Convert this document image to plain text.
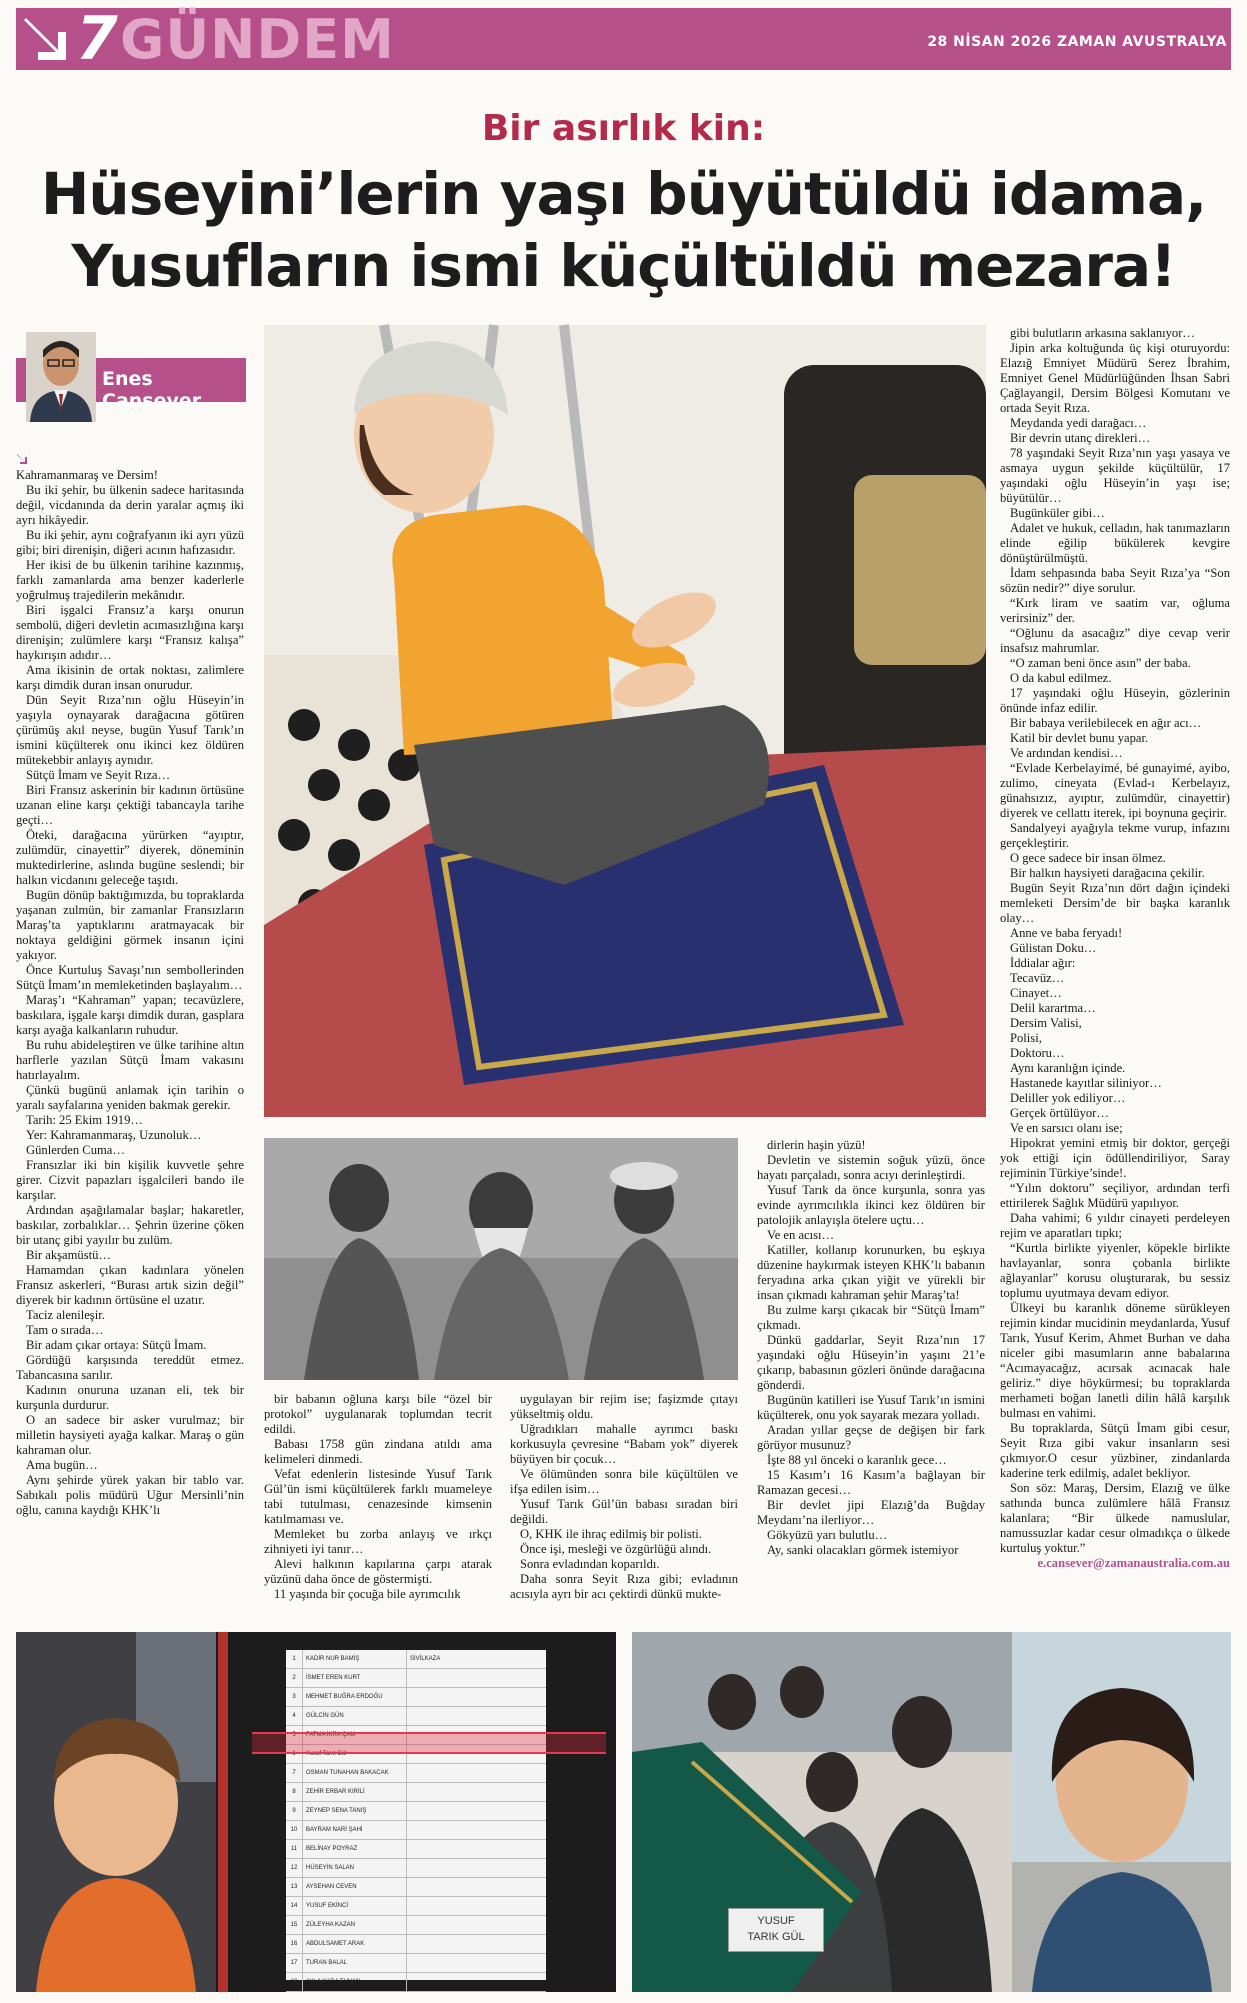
7 GÜNDEM	28 NİSAN 2026 ZAMAN AVUSTRALYA
Bir asırlık kin:
Hüseyini’lerin yaşı büyütüldü idama,
Yusufların ismi küçültüldü mezara!
Enes Cansever

Kahramanmaraş ve Dersim!

Bu iki şehir, bu ülkenin sadece haritasında değil, vicdanında da derin yaralar açmış iki ayrı hikâyedir.

Bu iki şehir, aynı coğrafyanın iki ayrı yüzü gibi; biri direnişin, diğeri acının hafızasıdır.

Her ikisi de bu ülkenin tarihine kazınmış, farklı zamanlarda ama benzer kaderlerle yoğrulmuş trajedilerin mekânıdır.

Biri işgalci Fransız’a karşı onurun sembolü, diğeri devletin acımasızlığına karşı direnişin; zulümlere karşı “Fransız kalışa” haykırışın adıdır…

Ama ikisinin de ortak noktası, zalimlere karşı dimdik duran insan onurudur.

Dün Seyit Rıza’nın oğlu Hüseyin’in yaşıyla oynayarak darağacına götüren çürümüş akıl neyse, bugün Yusuf Tarık’ın ismini küçülterek onu ikinci kez öldüren mütekebbir anlayış aynıdır.

Sütçü İmam ve Seyit Rıza…

Biri Fransız askerinin bir kadının örtüsüne uzanan eline karşı çektiği tabancayla tarihe geçti…

Öteki, darağacına yürürken “ayıptır, zulümdür, cinayettir” diyerek, döneminin muktedirlerine, aslında bugüne seslendi; bir halkın vicdanını geleceğe taşıdı.

Bugün dönüp baktığımızda, bu topraklarda yaşanan zulmün, bir zamanlar Fransızların Maraş’ta yaptıklarını aratmayacak bir noktaya geldiğini görmek insanın içini yakıyor.

Önce Kurtuluş Savaşı’nın sembollerinden Sütçü İmam’ın memleketinden başlayalım…

Maraş’ı “Kahraman” yapan; tecavüzlere, baskılara, işgale karşı dimdik duran, gasplara karşı ayağa kalkanların ruhudur.

Bu ruhu abideleştiren ve ülke tarihine altın harflerle yazılan Sütçü İmam vakasını hatırlayalım.

Çünkü bugünü anlamak için tarihin o yaralı sayfalarına yeniden bakmak gerekir.

Tarih: 25 Ekim 1919…

Yer: Kahramanmaraş, Uzunoluk…

Günlerden Cuma…

Fransızlar iki bin kişilik kuvvetle şehre girer. Cizvit papazları işgalcileri bando ile karşılar.

Ardından aşağılamalar başlar; hakaretler, baskılar, zorbalıklar… Şehrin üzerine çöken bir utanç gibi yayılır bu zulüm.

Bir akşamüstü…

Hamamdan çıkan kadınlara yönelen Fransız askerleri, “Burası artık sizin değil” diyerek bir kadının örtüsüne el uzatır.

Taciz alenileşir.

Tam o sırada…

Bir adam çıkar ortaya: Sütçü İmam.

Gördüğü karşısında tereddüt etmez. Tabancasına sarılır.

Kadının onuruna uzanan eli, tek bir kurşunla durdurur.

O an sadece bir asker vurulmaz; bir milletin haysiyeti ayağa kalkar. Maraş o gün kahraman olur.

Ama bugün…

Aynı şehirde yürek yakan bir tablo var. Sabıkalı polis müdürü Uğur Mersinli’nin oğlu, canına kaydığı KHK’lı

gibi bulutların arkasına saklanıyor…

Jipin arka koltuğunda üç kişi oturuyordu: Elazığ Emniyet Müdürü Serez İbrahim, Emniyet Genel Müdürlüğünden İhsan Sabri Çağlayangil, Dersim Bölgesi Komutanı ve ortada Seyit Rıza.

Meydanda yedi darağacı…

Bir devrin utanç direkleri…

78 yaşındaki Seyit Rıza’nın yaşı yasaya ve asmaya uygun şekilde küçültülür, 17 yaşındaki oğlu Hüseyin’in yaşı ise; büyütülür…

Bugünküler gibi…

Adalet ve hukuk, celladın, hak tanımazların elinde eğilip bükülerek kevgire dönüştürülmüştü.

İdam sehpasında baba Seyit Rıza’ya “Son sözün nedir?” diye sorulur.

“Kırk liram ve saatim var, oğluma verirsiniz” der.

“Oğlunu da asacağız” diye cevap verir insafsız mahrumlar.

“O zaman beni önce asın” der baba.

O da kabul edilmez.

17 yaşındaki oğlu Hüseyin, gözlerinin önünde infaz edilir.

Bir babaya verilebilecek en ağır acı…

Katil bir devlet bunu yapar.

Ve ardından kendisi…

“Evlade Kerbelayimé, bé gunayimé, ayibo, zulimo, cineyata (Evlad-ı Kerbelayız, günahsızız, ayıptır, zulümdür, cinayettir) diyerek ve cellattı iterek, ipi boynuna geçirir.

Sandalyeyi ayağıyla tekme vurup, infazını gerçekleştirir.

O gece sadece bir insan ölmez.

Bir halkın haysiyeti darağacına çekilir.

Bugün Seyit Rıza’nın dört dağın içindeki memleketi Dersim’de bir başka karanlık olay…

Anne ve baba feryadı!

Gülistan Doku…

İddialar ağır:

Tecavüz…

Cinayet…

Delil karartma…

Dersim Valisi,

Polisi,

Doktoru…

Aynı karanlığın içinde.

Hastanede kayıtlar siliniyor…

Deliller yok ediliyor…

Gerçek örtülüyor…

Ve en sarsıcı olanı ise;

Hipokrat yemini etmiş bir doktor, gerçeği yok ettiği için ödüllendiriliyor, Saray rejiminin Türkiye’sinde!.

“Yılın doktoru” seçiliyor, ardından terfi ettirilerek Sağlık Müdürü yapılıyor.

Daha vahimi; 6 yıldır cinayeti perdeleyen rejim ve aparatları tıpkı;

“Kurtla birlikte yiyenler, köpekle birlikte havlayanlar, sonra çobanla birlikte ağlayanlar” korusu oluşturarak, bu sessiz toplumu uyutmaya devam ediyor.

Ülkeyi bu karanlık döneme sürükleyen rejimin kindar mucidinin meydanlarda, Yusuf Tarık, Yusuf Kerim, Ahmet Burhan ve daha niceler gibi masumların anne babalarına “Acımayacağız, acırsak acınacak hale geliriz.” diye höykürmesi; bu topraklarda merhameti boğan lanetli dilin hâlâ karşılık bulması en vahimi.

Bu topraklarda, Sütçü İmam gibi cesur, Seyit Rıza gibi vakur insanların sesi çıkmıyor.O cesur yüzbiner, zindanlarda kaderine terk edilmiş, adalet bekliyor.

Son söz: Maraş, Dersim, Elazığ ve ülke sathında bunca zulümlere hâlâ Fransız kalanlara; “Bir ülkede namuslular, namussuzlar kadar cesur olmadıkça o ülkede kurtuluş yoktur.”

e.cansever@zamanaustralia.com.au

bir babanın oğluna karşı bile “özel bir protokol” uygulanarak toplumdan tecrit edildi.

Babası 1758 gün zindana atıldı ama kelimeleri dinmedi.

Vefat edenlerin listesinde Yusuf Tarık Gül’ün ismi küçültülerek farklı muameleye tabi tutulması, cenazesinde kimsenin katılmaması ve.

Memleket bu zorba anlayış ve ırkçı zihniyeti iyi tanır…

Alevi halkının kapılarına çarpı atarak yüzünü daha önce de göstermişti.

11 yaşında bir çocuğa bile ayrımcılık

uygulayan bir rejim ise; faşizmde çıtayı yükseltmiş oldu.

Uğradıkları mahalle ayrımcı baskı korkusuyla çevresine “Babam yok” diyerek büyüyen bir çocuk…

Ve ölümünden sonra bile küçültülen ve ifşa edilen isim…

Yusuf Tarık Gül’ün babası sıradan biri değildi.

O, KHK ile ihraç edilmiş bir polisti.

Önce işi, mesleği ve özgürlüğü alındı.

Sonra evladından koparıldı.

Daha sonra Seyit Rıza gibi; evladının acısıyla ayrı bir acı çektirdi dünkü mukte-

dirlerin haşin yüzü!

Devletin ve sistemin soğuk yüzü, önce hayatı parçaladı, sonra acıyı derinleştirdi.

Yusuf Tarık da önce kurşunla, sonra yas evinde ayrımcılıkla ikinci kez öldüren bir patolojik anlayışla ötelere uçtu…

Ve en acısı…

Katiller, kollanıp korunurken, bu eşkıya düzenine haykırmak isteyen KHK’lı babanın feryadına arka çıkan yiğit ve yürekli bir insan çıkmadı kahraman şehir Maraş’ta!

Bu zulme karşı çıkacak bir “Sütçü İmam” çıkmadı.

Dünkü gaddarlar, Seyit Rıza’nın 17 yaşındaki oğlu Hüseyin’in yaşını 21’e çıkarıp, babasının gözleri önünde darağacına gönderdi.

Bugünün katilleri ise Yusuf Tarık’ın ismini küçülterek, onu yok sayarak mezara yolladı.

Aradan yıllar geçse de değişen bir fark görüyor musunuz?

İşte 88 yıl önceki o karanlık gece…

15 Kasım’ı 16 Kasım’a bağlayan bir Ramazan gecesi…

Bir devlet jipi Elazığ’da Buğday Meydanı’na ilerliyor…

Gökyüzü yarı bulutlu…

Ay, sanki olacakları görmek istemiyor

1	KADİR NUR BAMİŞ	SİVİLKAZA
2	İSMET EREN KURT
3	MEHMET BUĞRA ERDOĞU
4	GÜLCİN GÜN
5	FATMA İKRA ÇAM
6	Yusuf Tarık Gül
7	OSMAN TUNAHAN BAKACAK
8	ZEHİR ERBAR KIRİLİ
9	ZEYNEP SENA TANIŞ
10	BAYRAM NARİ ŞAHİ
11	BELİNAY POYRAZ
12	HÜSEYİN SALAN
13	AYSEHAN CEVEN
14	YUSUF EKİNCİ
15	ZÜLEYHA KAZAN
16	ABDULSAMET ARAK
17	TURAN BALAL
18	AYLA KARA TUNAN
YUSUF
TARIK GÜL
